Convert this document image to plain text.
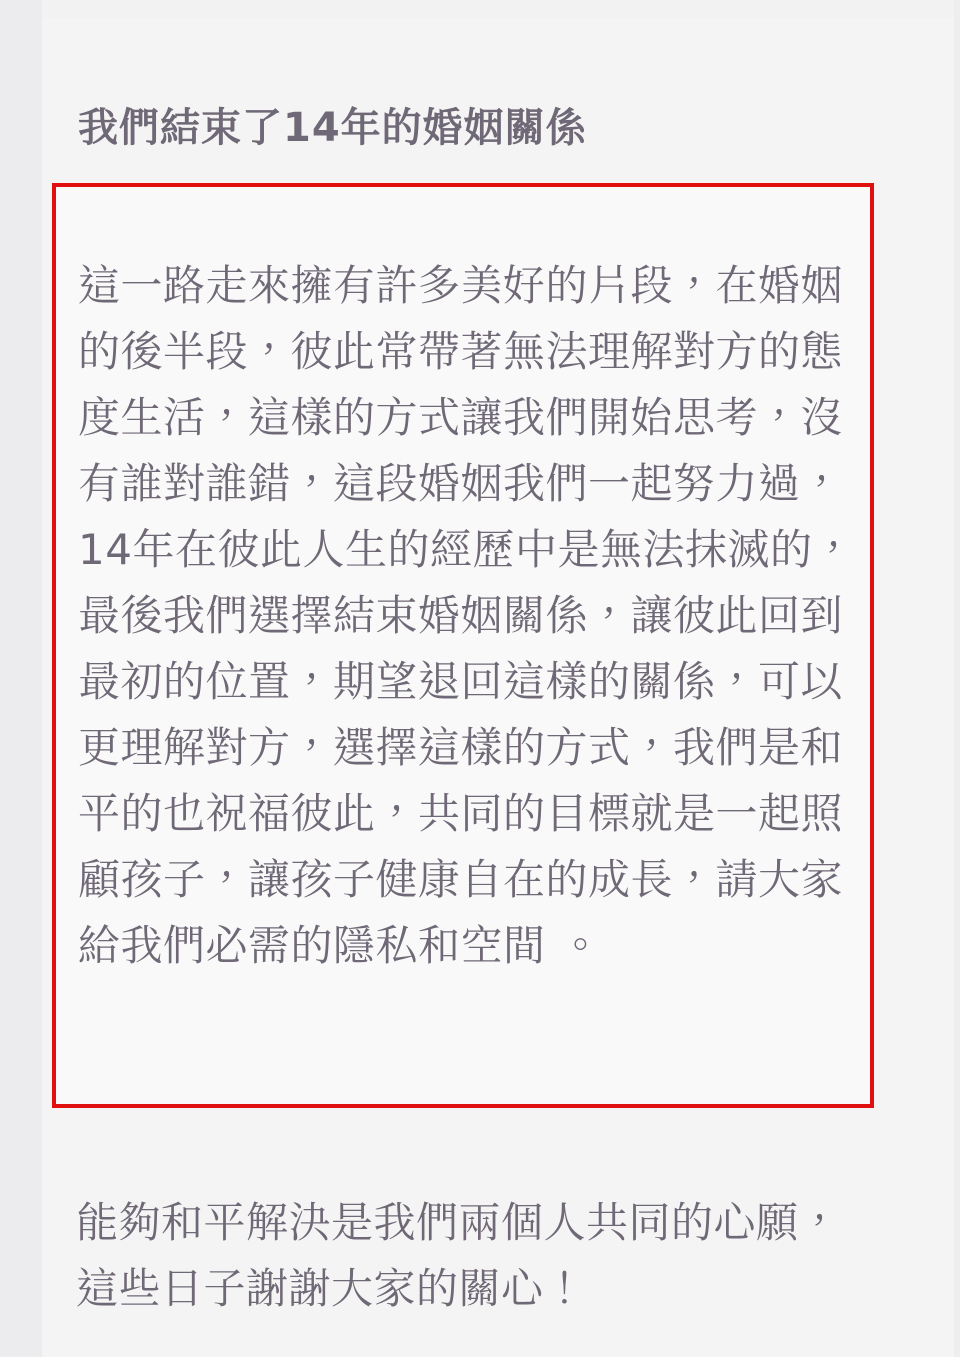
我們結束了14年的婚姻關係

這一路走來擁有許多美好的片段，在婚姻的後半段，彼此常帶著無法理解對方的態度生活，這樣的方式讓我們開始思考，沒有誰對誰錯，這段婚姻我們一起努力過，14年在彼此人生的經歷中是無法抹滅的，最後我們選擇結束婚姻關係，讓彼此回到最初的位置，期望退回這樣的關係，可以更理解對方，選擇這樣的方式，我們是和平的也祝福彼此，共同的目標就是一起照顧孩子，讓孩子健康自在的成長，請大家給我們必需的隱私和空間 。

能夠和平解決是我們兩個人共同的心願，這些日子謝謝大家的關心！
